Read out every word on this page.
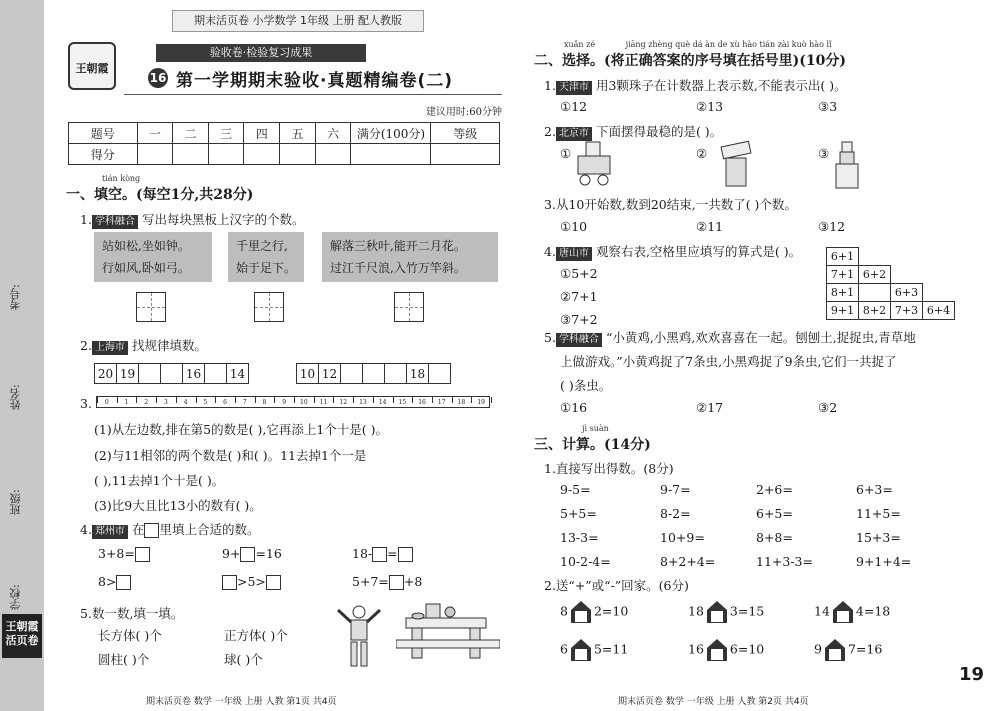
考号:
姓名:
班级:
学校:
王朝霞
活页卷
期末活页卷 小学数学 1年级 上册 配人教版
王朝霞
验收卷·检验复习成果
16 第一学期期末验收·真题精编卷(二)
建议用时:60分钟
题号	一	二	三	四	五	六	满分(100分)	等级
得分								
tián kòng
一、填空。(每空1分,共28分)
1. 学科融合 写出每块黑板上汉字的个数。
站如松,坐如钟。
行如风,卧如弓。
千里之行,
始于足下。
解落三秋叶,能开二月花。
过江千尺浪,入竹万竿斜。
2. 上海市 找规律填数。
20	19			16		14	10	12				18	
3.	0	1	2	3	4	5	6	7	8	9	10	11	12	13	14	15	16	17	18	19
(1)从左边数,排在第5的数是( ),它再添上1个十是( )。
(2)与11相邻的两个数是( )和( )。11去掉1个一是
( ),11去掉1个十是( )。
(3)比9大且比13小的数有( )。
4. 郑州市 在 里填上合适的数。
3+8=	9+ =16	18- =
8>	>5>	5+7= +8
5.数一数,填一填。
长方体( )个	正方体( )个
圆柱( )个	球( )个
期末活页卷 数学 一年级 上册 人教 第1页 共4页
xuǎn zé            jiāng zhèng què dá àn de xù hào tián zài kuò hào lǐ
二、选择。(将正确答案的序号填在括号里)(10分)
1. 天津市 用3颗珠子在计数器上表示数,不能表示出( )。
①12	②13	③3
2. 北京市 下面摆得最稳的是( )。
①	②	③
3.从10开始数,数到20结束,一共数了( )个数。
①10	②11	③12
4. 唐山市 观察右表,空格里应填写的算式是( )。
①5+2
②7+1
③7+2
6+1			
7+1	6+2		
8+1		6+3	
9+1	8+2	7+3	6+4
5. 学科融合 “小黄鸡,小黑鸡,欢欢喜喜在一起。刨刨土,捉捉虫,青草地
上做游戏。”小黄鸡捉了7条虫,小黑鸡捉了9条虫,它们一共捉了
( )条虫。
①16	②17	③2
jì suàn
三、计算。(14分)
1.直接写出得数。(8分)
9-5=	9-7=	2+6=	6+3=
5+5=	8-2=	6+5=	11+5=
13-3=	10+9=	8+8=	15+3=
10-2-4=	8+2+4=	11+3-3=	9+1+4=
2.送“+”或“-”回家。(6分)
8 2=10	18 3=15	14 4=18
6 5=11	16 6=10	9 7=16
期末活页卷 数学 一年级 上册 人教 第2页 共4页
19
